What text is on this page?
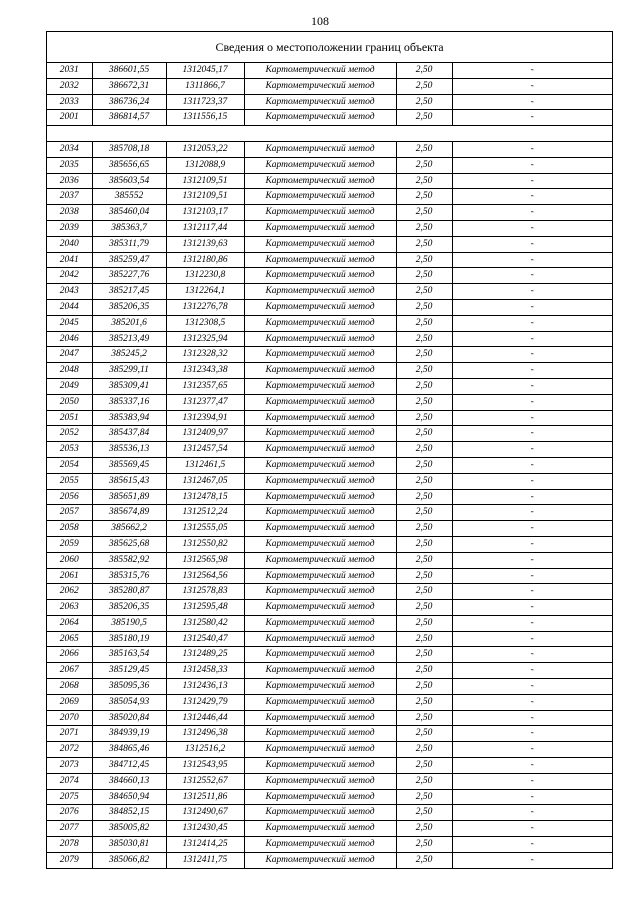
108
Сведения о местоположении границ объекта
2031	386601,55	1312045,17	Картометрический метод	2,50	-
2032	386672,31	1311866,7	Картометрический метод	2,50	-
2033	386736,24	1311723,37	Картометрический метод	2,50	-
2001	386814,57	1311556,15	Картометрический метод	2,50	-

2034	385708,18	1312053,22	Картометрический метод	2,50	-
2035	385656,65	1312088,9	Картометрический метод	2,50	-
2036	385603,54	1312109,51	Картометрический метод	2,50	-
2037	385552	1312109,51	Картометрический метод	2,50	-
2038	385460,04	1312103,17	Картометрический метод	2,50	-
2039	385363,7	1312117,44	Картометрический метод	2,50	-
2040	385311,79	1312139,63	Картометрический метод	2,50	-
2041	385259,47	1312180,86	Картометрический метод	2,50	-
2042	385227,76	1312230,8	Картометрический метод	2,50	-
2043	385217,45	1312264,1	Картометрический метод	2,50	-
2044	385206,35	1312276,78	Картометрический метод	2,50	-
2045	385201,6	1312308,5	Картометрический метод	2,50	-
2046	385213,49	1312325,94	Картометрический метод	2,50	-
2047	385245,2	1312328,32	Картометрический метод	2,50	-
2048	385299,11	1312343,38	Картометрический метод	2,50	-
2049	385309,41	1312357,65	Картометрический метод	2,50	-
2050	385337,16	1312377,47	Картометрический метод	2,50	-
2051	385383,94	1312394,91	Картометрический метод	2,50	-
2052	385437,84	1312409,97	Картометрический метод	2,50	-
2053	385536,13	1312457,54	Картометрический метод	2,50	-
2054	385569,45	1312461,5	Картометрический метод	2,50	-
2055	385615,43	1312467,05	Картометрический метод	2,50	-
2056	385651,89	1312478,15	Картометрический метод	2,50	-
2057	385674,89	1312512,24	Картометрический метод	2,50	-
2058	385662,2	1312555,05	Картометрический метод	2,50	-
2059	385625,68	1312550,82	Картометрический метод	2,50	-
2060	385582,92	1312565,98	Картометрический метод	2,50	-
2061	385315,76	1312564,56	Картометрический метод	2,50	-
2062	385280,87	1312578,83	Картометрический метод	2,50	-
2063	385206,35	1312595,48	Картометрический метод	2,50	-
2064	385190,5	1312580,42	Картометрический метод	2,50	-
2065	385180,19	1312540,47	Картометрический метод	2,50	-
2066	385163,54	1312489,25	Картометрический метод	2,50	-
2067	385129,45	1312458,33	Картометрический метод	2,50	-
2068	385095,36	1312436,13	Картометрический метод	2,50	-
2069	385054,93	1312429,79	Картометрический метод	2,50	-
2070	385020,84	1312446,44	Картометрический метод	2,50	-
2071	384939,19	1312496,38	Картометрический метод	2,50	-
2072	384865,46	1312516,2	Картометрический метод	2,50	-
2073	384712,45	1312543,95	Картометрический метод	2,50	-
2074	384660,13	1312552,67	Картометрический метод	2,50	-
2075	384650,94	1312511,86	Картометрический метод	2,50	-
2076	384852,15	1312490,67	Картометрический метод	2,50	-
2077	385005,82	1312430,45	Картометрический метод	2,50	-
2078	385030,81	1312414,25	Картометрический метод	2,50	-
2079	385066,82	1312411,75	Картометрический метод	2,50	-
